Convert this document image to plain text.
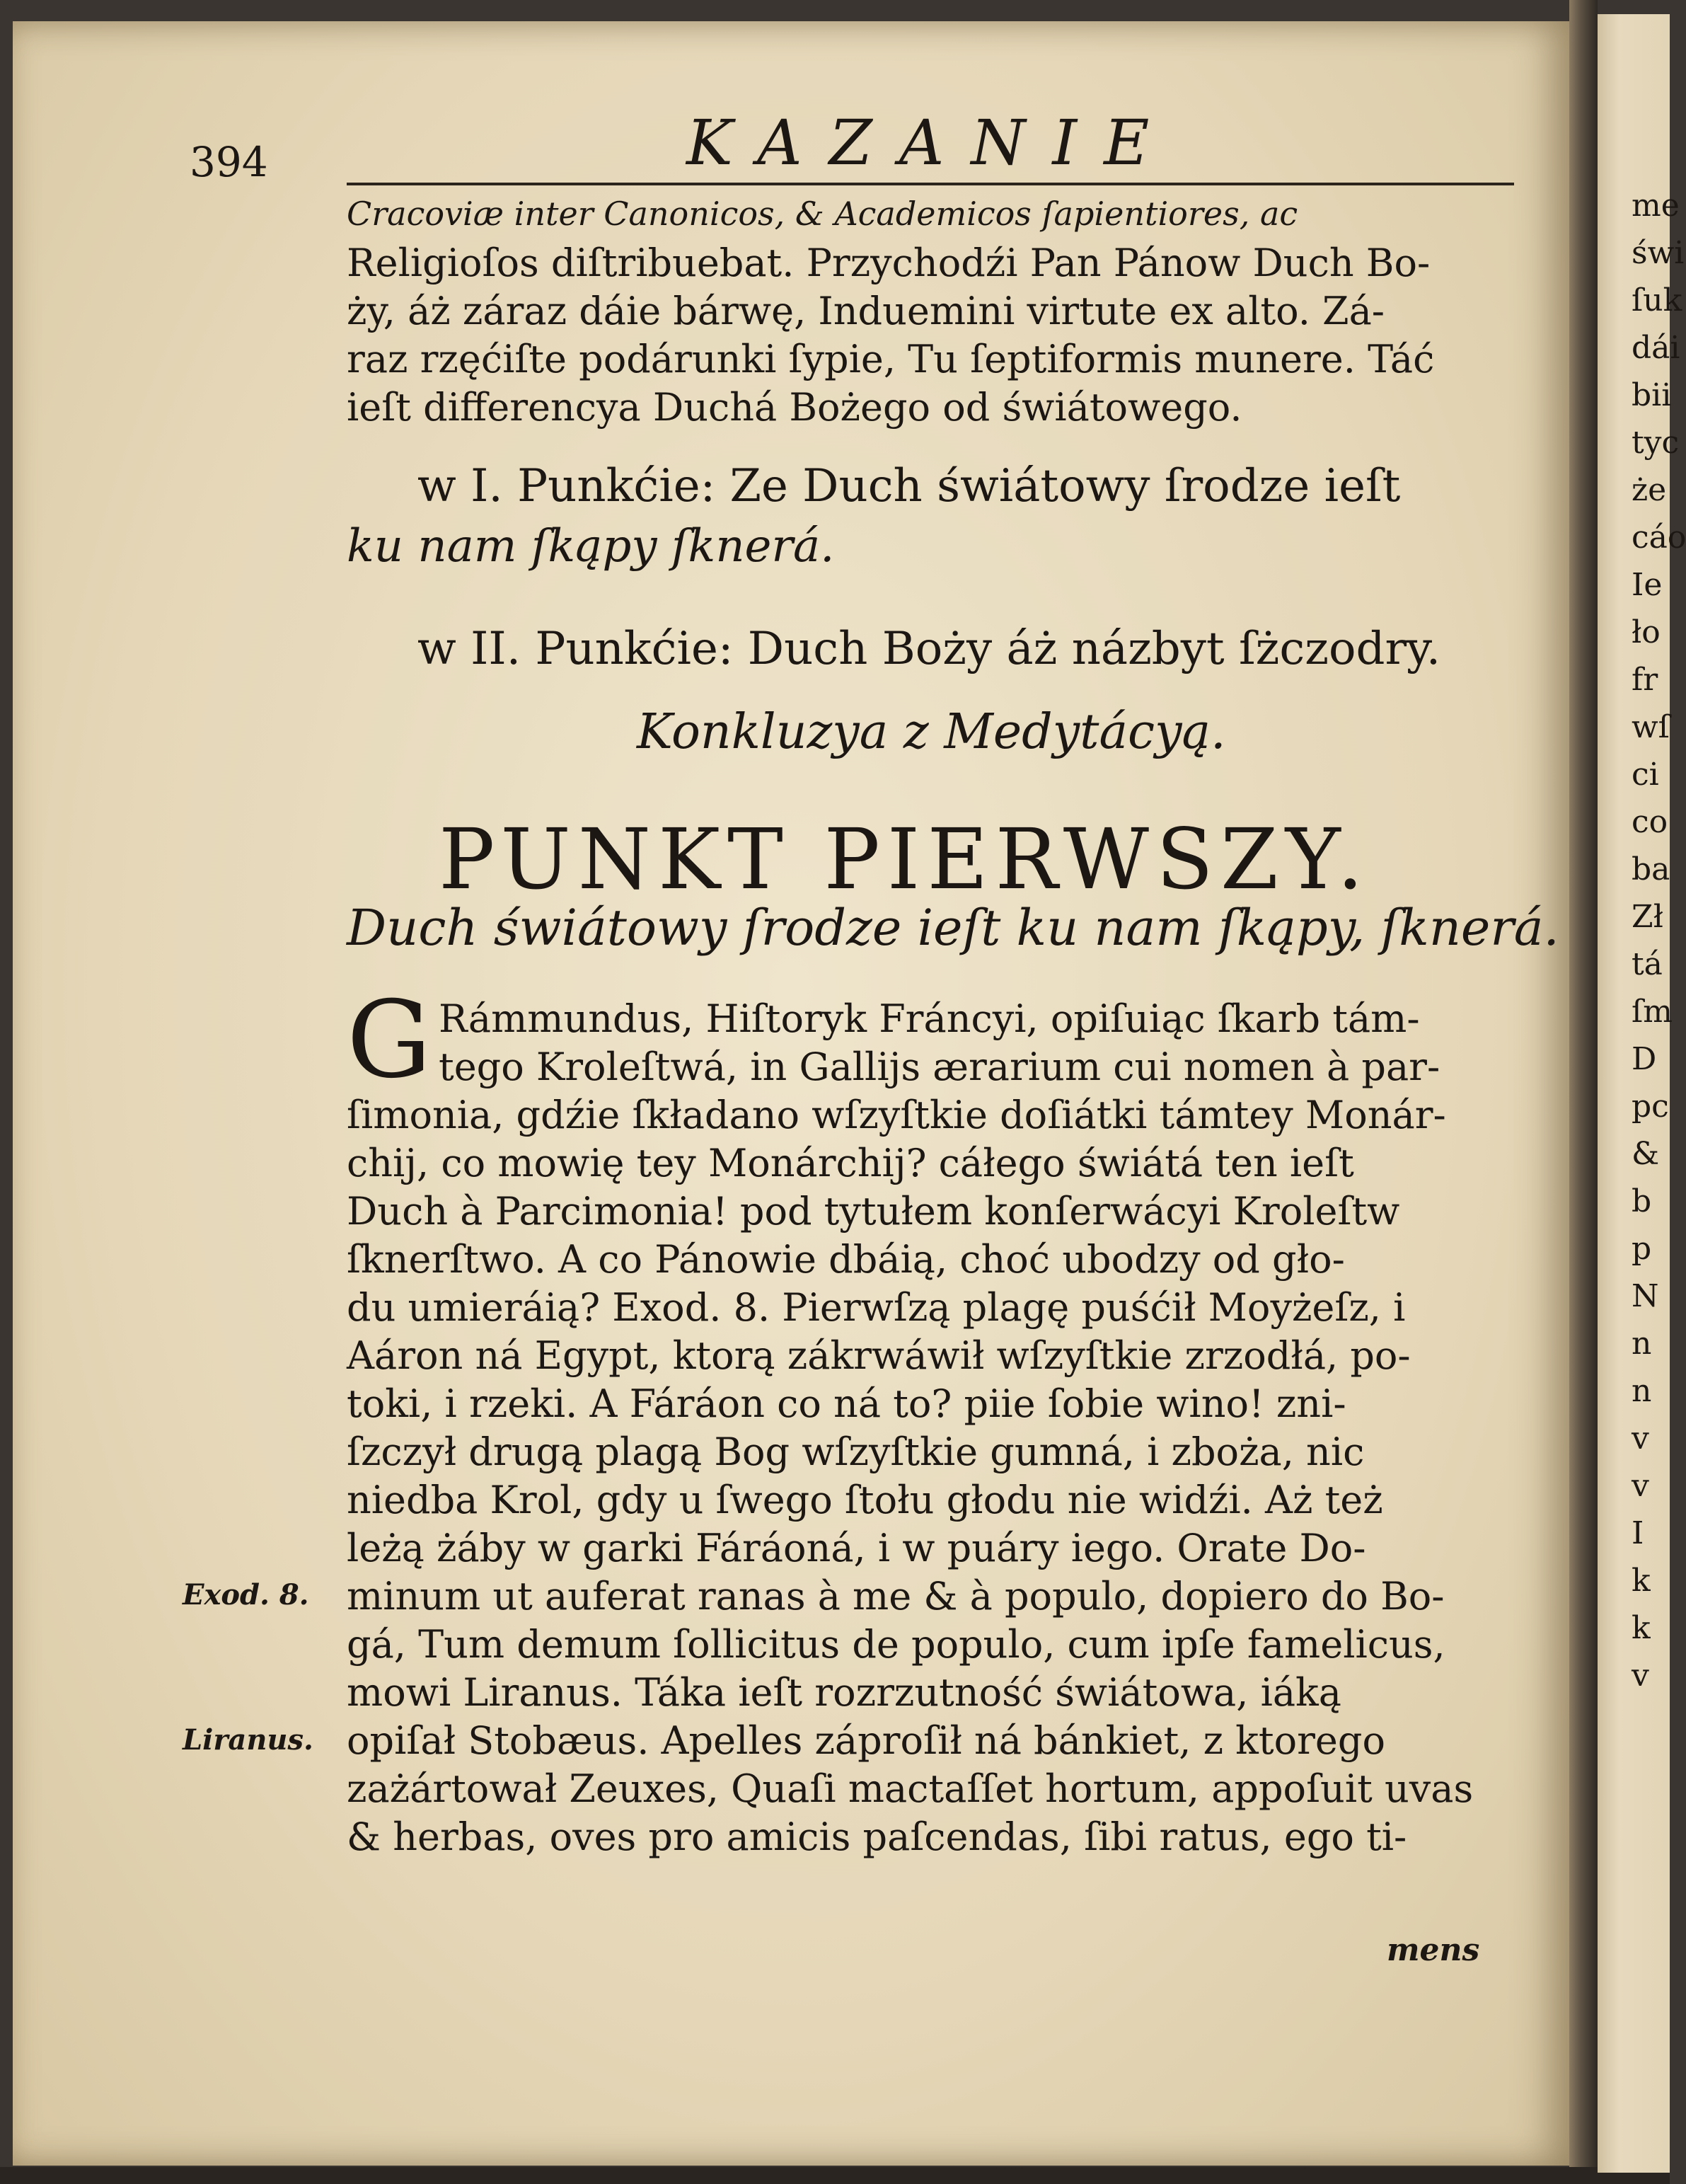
394	KAZANIE
Cracoviæ inter Canonicos, & Academicos ſapientiores, ac
Religioſos diſtribuebat. Przychodźi Pan Pánow Duch Bo-
ży, áż záraz dáie bárwę, Induemini virtute ex alto. Zá-
raz rzęćiſte podárunki ſypie, Tu ſeptiformis munere. Táć
ieſt differencya Duchá Bożego od świátowego.
w I. Punkćie: Ze Duch świátowy ſrodze ieſt
ku nam ſkąpy ſknerá.
w II. Punkćie: Duch Boży áż názbyt ſżczodry.
Konkluzya z Medytácyą.
PUNKT PIERWSZY.
Duch świátowy ſrodze ieſt ku nam ſkąpy, ſknerá.
G Rámmundus, Hiſtoryk Fráncyi, opiſuiąc ſkarb tám-
tego Kroleſtwá, in Gallijs ærarium cui nomen à par-
ſimonia, gdźie ſkładano wſzyſtkie doſiátki támtey Monár-
chij, co mowię tey Monárchij? cáłego świátá ten ieſt
Duch à Parcimonia! pod tytułem konſerwácyi Kroleſtw
ſknerſtwo. A co Pánowie dbáią, choć ubodzy od gło-
du umieráią? Exod. 8. Pierwſzą plagę puśćił Moyżeſz, i
Aáron ná Egypt, ktorą zákrwáwił wſzyſtkie zrzodłá, po-
toki, i rzeki. A Fáráon co ná to? piie ſobie wino! zni-
ſzczył drugą plagą Bog wſzyſtkie gumná, i zboża, nic
niedba Krol, gdy u ſwego ſtołu głodu nie widźi. Aż też
leżą żáby w garki Fáráoná, i w puáry iego. Orate Do-
minum ut auferat ranas à me & à populo, dopiero do Bo-
gá, Tum demum ſollicitus de populo, cum ipſe famelicus,
mowi Liranus. Táka ieſt rozrzutność świátowa, iáką
opiſał Stobæus. Apelles záproſił ná bánkiet, z ktorego
zażártował Zeuxes, Quaſi mactaſſet hortum, appoſuit uvas
& herbas, oves pro amicis paſcendas, ſibi ratus, ego ti-
mens
Exod. 8.
Liranus.
me
świ
ſuk
dái
bii
tyc
że
cáo
Ie
ło
fr
wſ
ci
co
ba
Zł
tá
ſm
D
pc
&
b
p
N
n
n
v
v
I
k
k
v
